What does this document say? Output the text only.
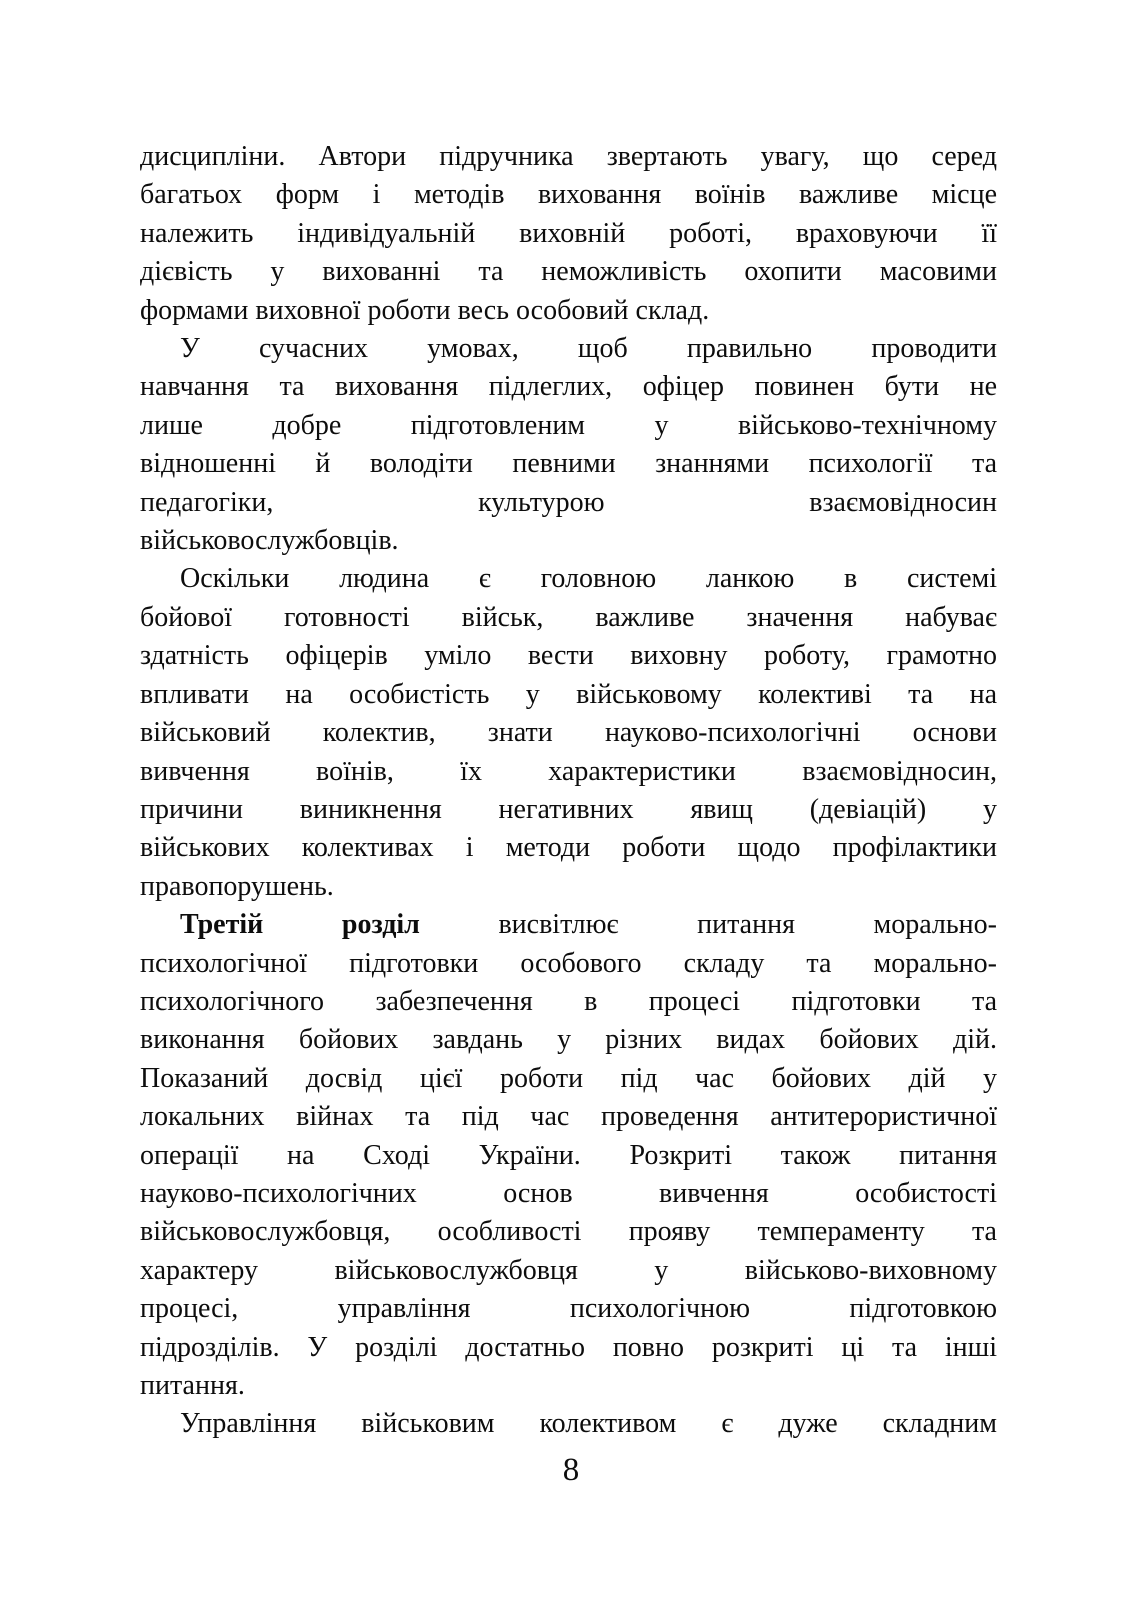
дисципліни. Автори підручника звертають увагу, що серед
багатьох форм і методів виховання воїнів важливе місце
належить індивідуальній виховній роботі, враховуючи її
дієвість у вихованні та неможливість охопити масовими
формами виховної роботи весь особовий склад.
У сучасних умовах, щоб правильно проводити
навчання та виховання підлеглих, офіцер повинен бути не
лише добре підготовленим у військово-технічному
відношенні й володіти певними знаннями психології та
педагогіки, культурою взаємовідносин
військовослужбовців.
Оскільки людина є головною ланкою в системі
бойової готовності військ, важливе значення набуває
здатність офіцерів уміло вести виховну роботу, грамотно
впливати на особистість у військовому колективі та на
військовий колектив, знати науково-психологічні основи
вивчення воїнів, їх характеристики взаємовідносин,
причини виникнення негативних явищ (девіацій) у
військових колективах і методи роботи щодо профілактики
правопорушень.
Третій розділ висвітлює питання морально-
психологічної підготовки особового складу та морально-
психологічного забезпечення в процесі підготовки та
виконання бойових завдань у різних видах бойових дій.
Показаний досвід цієї роботи під час бойових дій у
локальних війнах та під час проведення антитерористичної
операції на Сході України. Розкриті також питання
науково-психологічних основ вивчення особистості
військовослужбовця, особливості прояву темпераменту та
характеру військовослужбовця у військово-виховному
процесі, управління психологічною підготовкою
підрозділів. У розділі достатньо повно розкриті ці та інші
питання.
Управління військовим колективом є дуже складним
8
